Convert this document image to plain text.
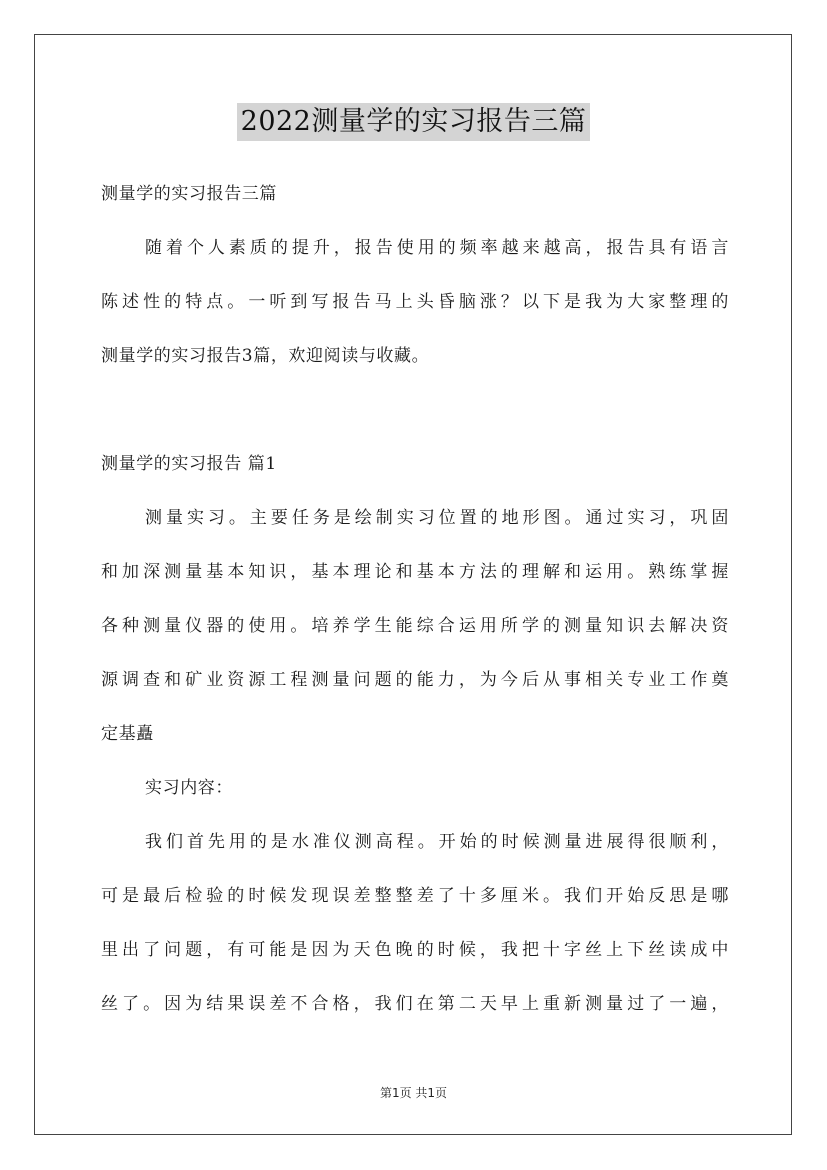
2022测量学的实习报告三篇
测量学的实习报告三篇
随着个人素质的提升，报告使用的频率越来越高，报告具有语言
陈述性的特点。一听到写报告马上头昏脑涨？以下是我为大家整理的
测量学的实习报告3篇，欢迎阅读与收藏。
测量学的实习报告 篇1
测量实习。主要任务是绘制实习位置的地形图。通过实习，巩固
和加深测量基本知识，基本理论和基本方法的理解和运用。熟练掌握
各种测量仪器的使用。培养学生能综合运用所学的测量知识去解决资
源调查和矿业资源工程测量问题的能力，为今后从事相关专业工作奠
定基矗
实习内容：
我们首先用的是水准仪测高程。开始的时候测量进展得很顺利，
可是最后检验的时候发现误差整整差了十多厘米。我们开始反思是哪
里出了问题，有可能是因为天色晚的时候，我把十字丝上下丝读成中
丝了。因为结果误差不合格，我们在第二天早上重新测量过了一遍，
第1页 共1页
